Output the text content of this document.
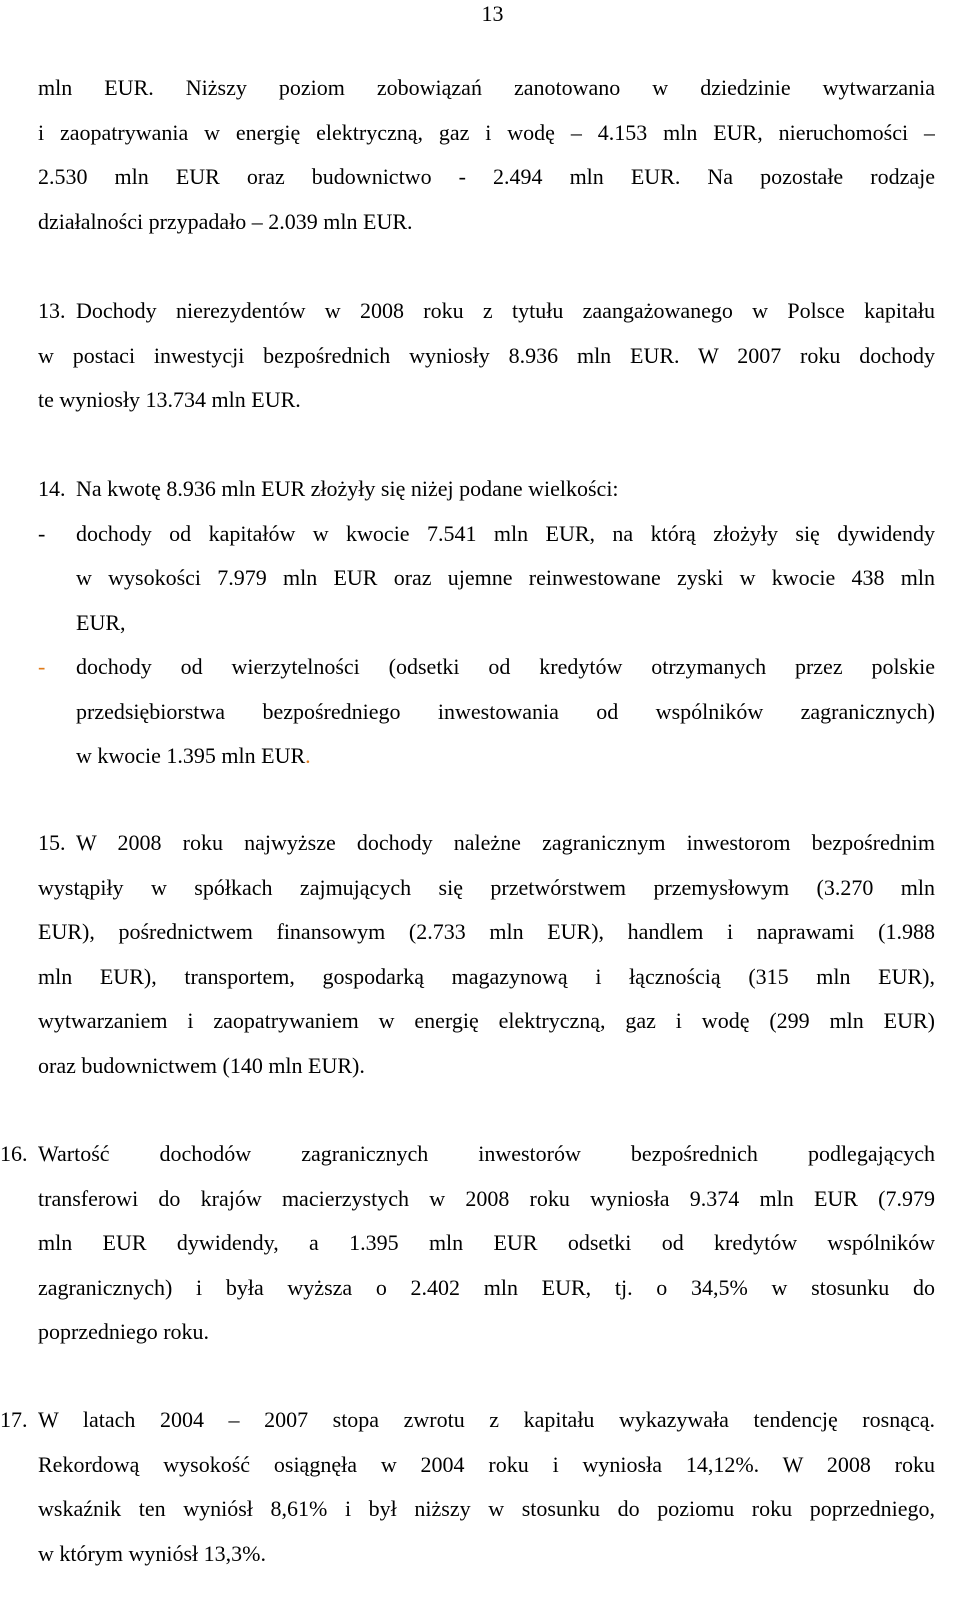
13
mln EUR. Niższy poziom zobowiązań zanotowano w dziedzinie wytwarzania
i zaopatrywania w energię elektryczną, gaz i wodę – 4.153 mln EUR, nieruchomości –
2.530 mln EUR oraz budownictwo - 2.494 mln EUR. Na pozostałe rodzaje
działalności przypadało – 2.039 mln EUR.
13. Dochody nierezydentów w 2008 roku z tytułu zaangażowanego w Polsce kapitału
w postaci inwestycji bezpośrednich wyniosły 8.936 mln EUR. W 2007 roku dochody
te wyniosły 13.734 mln EUR.
14. Na kwotę 8.936 mln EUR złożyły się niżej podane wielkości:
- dochody od kapitałów w kwocie 7.541 mln EUR, na którą złożyły się dywidendy
w wysokości 7.979 mln EUR oraz ujemne reinwestowane zyski w kwocie 438 mln
EUR,
- dochody od wierzytelności (odsetki od kredytów otrzymanych przez polskie
przedsiębiorstwa bezpośredniego inwestowania od wspólników zagranicznych)
w kwocie 1.395 mln EUR.
15. W 2008 roku najwyższe dochody należne zagranicznym inwestorom bezpośrednim
wystąpiły w spółkach zajmujących się przetwórstwem przemysłowym (3.270 mln
EUR), pośrednictwem finansowym (2.733 mln EUR), handlem i naprawami (1.988
mln EUR), transportem, gospodarką magazynową i łącznością (315 mln EUR),
wytwarzaniem i zaopatrywaniem w energię elektryczną, gaz i wodę (299 mln EUR)
oraz budownictwem (140 mln EUR).
16. Wartość dochodów zagranicznych inwestorów bezpośrednich podlegających
transferowi do krajów macierzystych w 2008 roku wyniosła 9.374 mln EUR (7.979
mln EUR dywidendy, a 1.395 mln EUR odsetki od kredytów wspólników
zagranicznych) i była wyższa o 2.402 mln EUR, tj. o 34,5% w stosunku do
poprzedniego roku.
17. W latach 2004 – 2007 stopa zwrotu z kapitału wykazywała tendencję rosnącą.
Rekordową wysokość osiągnęła w 2004 roku i wyniosła 14,12%. W 2008 roku
wskaźnik ten wyniósł 8,61% i był niższy w stosunku do poziomu roku poprzedniego,
w którym wyniósł 13,3%.
